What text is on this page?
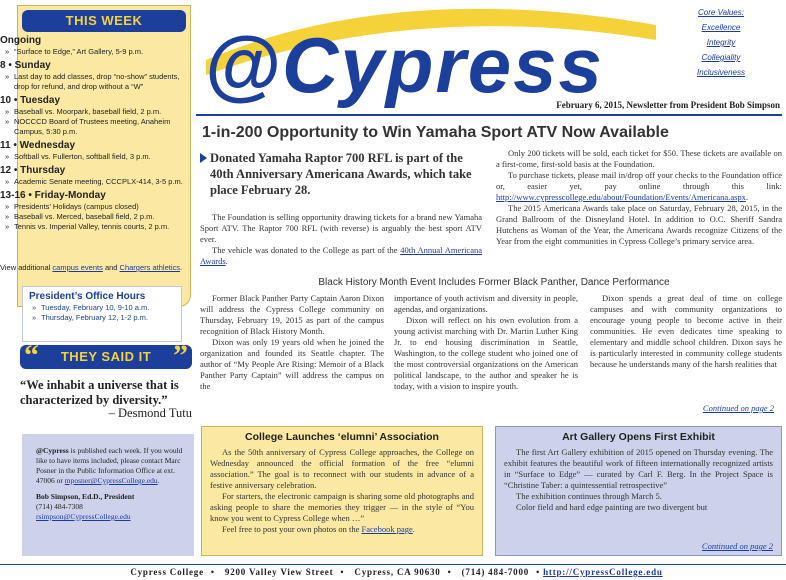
THIS WEEK
Ongoing
» “Surface to Edge,” Art Gallery, 5-9 p.m.
8 • Sunday
» Last day to add classes, drop “no-show” students, drop for refund, and drop without a “W”
10 • Tuesday
» Baseball vs. Moorpark, baseball field, 2 p.m.
» NOCCCD Board of Trustees meeting, Anaheim Campus, 5:30 p.m.
11 • Wednesday
» Softball vs. Fullerton, softball field, 3 p.m.
12 • Thursday
» Academic Senate meeting, CCCPLX-414, 3-5 p.m.
13-16 • Friday-Monday
» Presidents’ Holidays (campus closed)
» Baseball vs. Merced, baseball field, 2 p.m.
» Tennis vs. Imperial Valley, tennis courts, 2 p.m.
View additional campus events and Chargers athletics.
President’s Office Hours
» Tuesday, February 10, 9-10 a.m.
» Thursday, February 12, 1-2 p.m.
“	THEY SAID IT ”
“We inhabit a universe that is characterized by diversity.”
– Desmond Tutu

@Cypress is published each week. If you would like to have items included, please contact Marc Posner in the Public Information Office at ext. 47006 or mposner@CypressCollege.edu.

Bob Simpson, Ed.D., President
(714) 484-7308
rsimpson@CypressCollege.edu

@Cypress
Core Values:
Excellence
Integrity
Collegiality
Inclusiveness
February 6, 2015, Newsletter from President Bob Simpson
1-in-200 Opportunity to Win Yamaha Sport ATV Now Available
Donated Yamaha Raptor 700 RFL is part of the 40th Anniversary Americana Awards, which take place February 28.

The Foundation is selling opportunity drawing tickets for a brand new Yamaha Sport ATV. The Raptor 700 RFL (with reverse) is arguably the best sport ATV ever.

The vehicle was donated to the College as part of the 40th Annual Americana Awards.

Only 200 tickets will be sold, each ticket for $50. These tickets are available on a first-come, first-sold basis at the Foundation.

To purchase tickets, please mail in/drop off your checks to the Foundation office or, easier yet, pay online through this link: http://www.cypresscollege.edu/about/Foundation/Events/Americana.aspx.

The 2015 Americana Awards take place on Saturday, February 28, 2015, in the Grand Ballroom of the Disneyland Hotel. In addition to O.C. Sheriff Sandra Hutchens as Woman of the Year, the Americana Awards recognize Citizens of the Year from the eight communities in Cypress College’s primary service area.

Black History Month Event Includes Former Black Panther, Dance Performance

Former Black Panther Party Captain Aaron Dixon will address the Cypress College community on Thursday, February 19, 2015 as part of the campus recognition of Black History Month.

Dixon was only 19 years old when he joined the organization and founded its Seattle chapter. The author of “My People Are Rising: Memoir of a Black Panther Party Captain” will address the campus on the

importance of youth activism and diversity in people, agendas, and organizations.

Dixon will reflect on his own evolution from a young activist marching with Dr. Martin Luther King Jr. to end housing discrimination in Seattle, Washington, to the college student who joined one of the most controversial organizations on the American political landscape, to the author and speaker he is today, with a vision to inspire youth.

Dixon spends a great deal of time on college campuses and with community organizations to encourage young people to become active in their communities. He even dedicates time speaking to elementary and middle school children. Dixon says he is particularly interested in community college students because he understands many of the harsh realities that

Continued on page 2
College Launches ‘elumni’ Association

As the 50th anniversary of Cypress College approaches, the College on Wednesday announced the official formation of the free “elumni association.” The goal is to reconnect with our students in advance of a festive anniversary celebration.

For starters, the electronic campaign is sharing some old photographs and asking people to share the memories they trigger — in the style of “You know you went to Cypress College when …”

Feel free to post your own photos on the Facebook page.

Art Gallery Opens First Exhibit

The first Art Gallery exhibition of 2015 opened on Thursday evening. The exhibit features the beautiful work of fifteen internationally recognized artists in “Surface to Edge” — curated by Carl F. Berg. In the Project Space is “Christine Taber: a quintessential retrospective”

The exhibition continues through March 5.

Color field and hard edge painting are two divergent but

Continued on page 2
Cypress College • 9200 Valley View Street • Cypress, CA 90630 • (714) 484-7000 • http://CypressCollege.edu
